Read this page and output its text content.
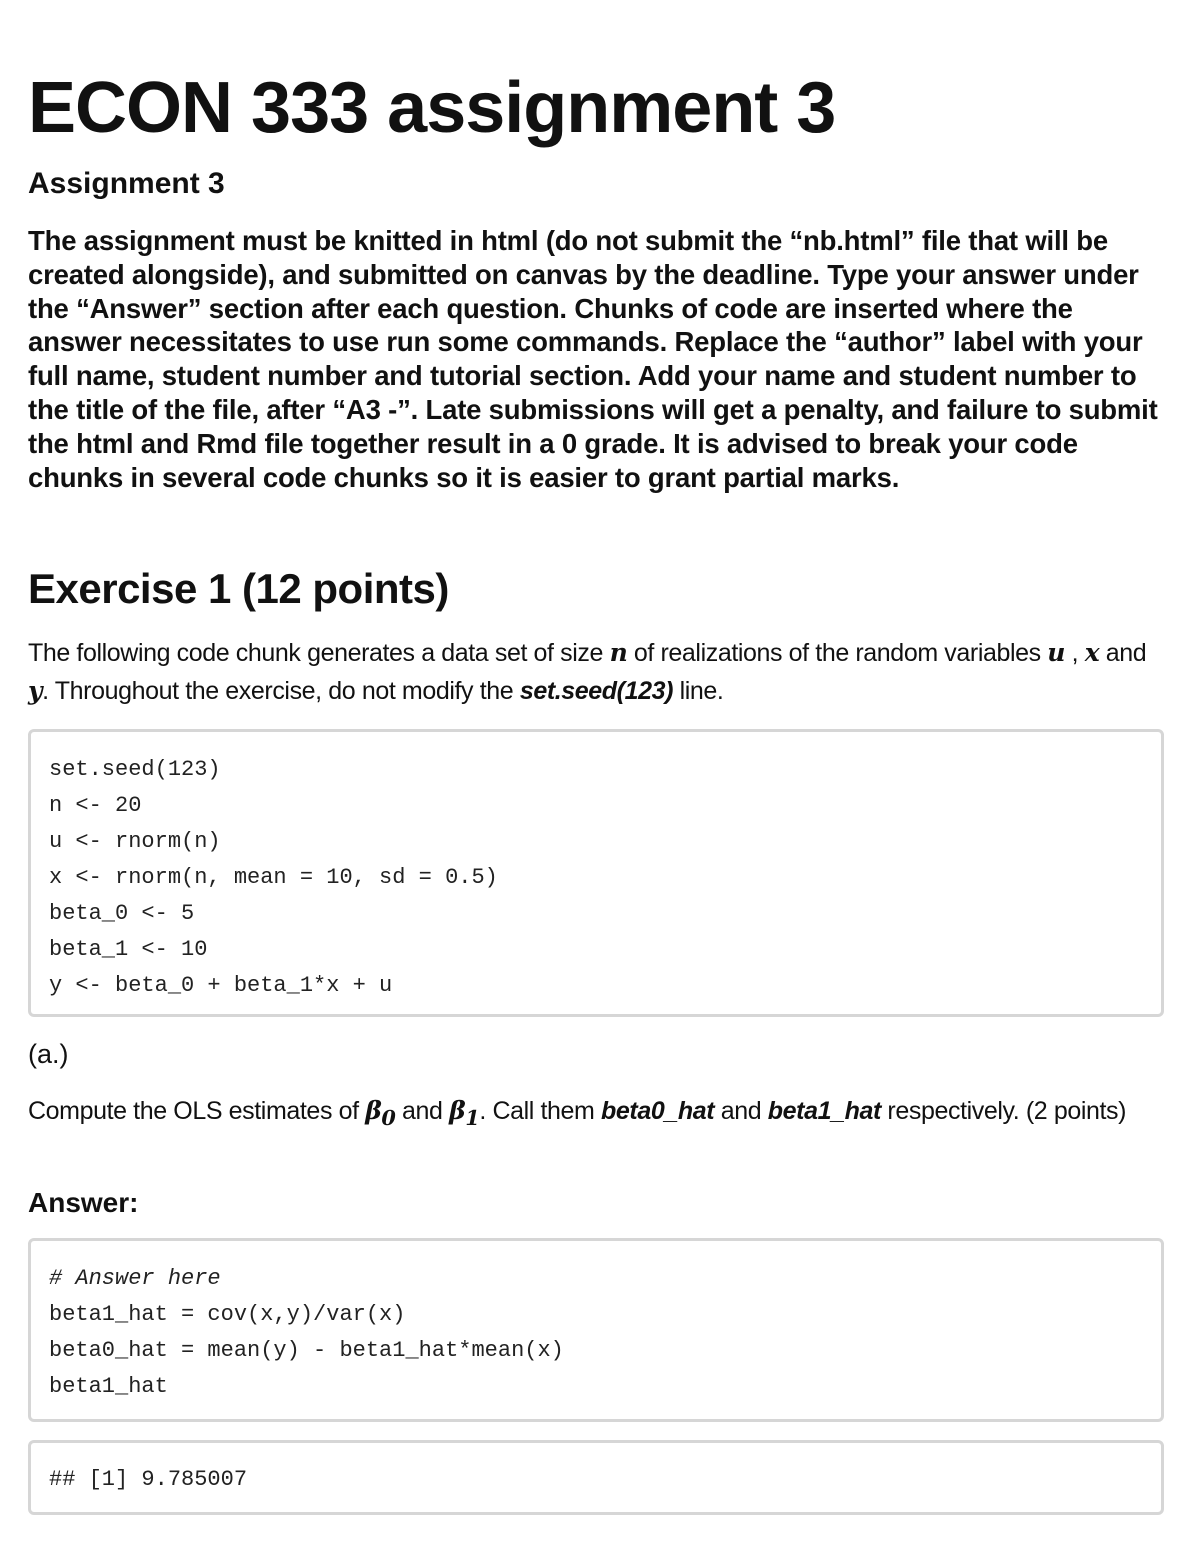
ECON 333 assignment 3
Assignment 3

The assignment must be knitted in html (do not submit the “nb.html” file that will be created alongside), and submitted on canvas by the deadline. Type your answer under the “Answer” section after each question. Chunks of code are inserted where the answer necessitates to use run some commands. Replace the “author” label with your full name, student number and tutorial section. Add your name and student number to the title of the file, after “A3 -”. Late submissions will get a penalty, and failure to submit the html and Rmd file together result in a 0 grade. It is advised to break your code chunks in several code chunks so it is easier to grant partial marks.

Exercise 1 (12 points)

The following code chunk generates a data set of size n of realizations of the random variables u , x and y. Throughout the exercise, do not modify the set.seed(123) line.

set.seed(123)
n <- 20
u <- rnorm(n)
x <- rnorm(n, mean = 10, sd = 0.5)
beta_0 <- 5
beta_1 <- 10
y <- beta_0 + beta_1*x + u
(a.)

Compute the OLS estimates of $\beta_0$ and $\beta_1$. Call them beta0_hat and beta1_hat respectively. (2 points)

Answer:
# Answer here
beta1_hat = cov(x,y)/var(x)
beta0_hat = mean(y) - beta1_hat*mean(x)
beta1_hat
## [1] 9.785007
